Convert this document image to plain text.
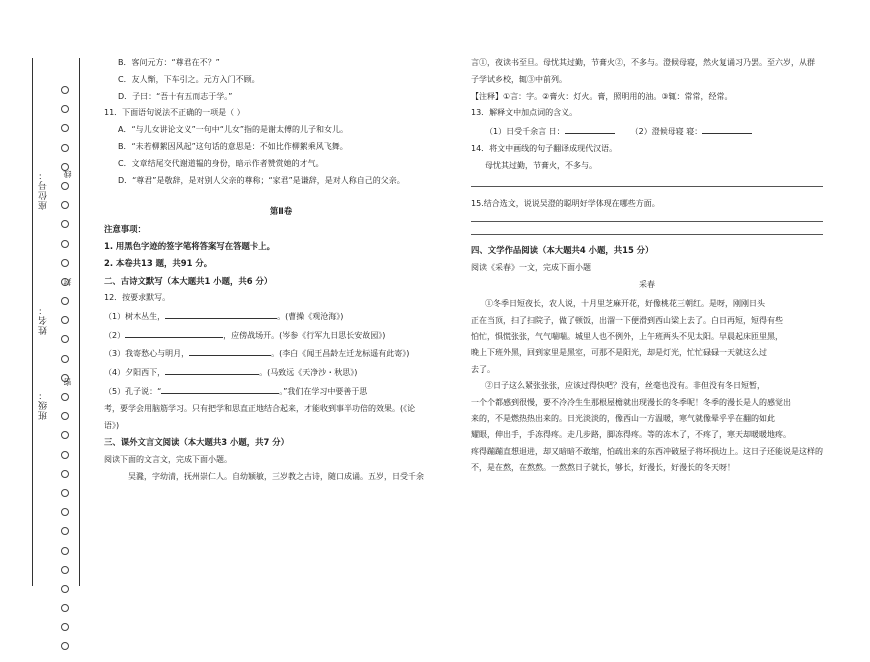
座位号：
姓名：
班级：
线
封
密
B．客问元方：“尊君在不？”
C．友人惭，下车引之。元方入门不顾。
D．子曰：“吾十有五而志于学。”
11．下面语句说法不正确的一项是（ ）
A．“与儿女讲论文义”一句中“儿女”指的是谢太傅的儿子和女儿。
B．“未若柳絮因风起”这句话的意思是：不如比作柳絮乘风飞舞。
C．文章结尾交代谢道韫的身份，暗示作者赞赏她的才气。
D．“尊君”是敬辞，是对别人父亲的尊称；“家君”是谦辞，是对人称自己的父亲。
第Ⅱ卷
注意事项：
1. 用黑色字迹的签字笔将答案写在答题卡上。
2. 本卷共13 题，共91 分。
二、古诗文默写（本大题共1 小题，共6 分）
12．按要求默写。
（1）树木丛生，	。(曹操《观沧海》)
（2）	，应傍战场开。(岑参《行军九日思长安故园》)
（3）我寄愁心与明月，	。(李白《闻王昌龄左迁龙标遥有此寄》)
（4）夕阳西下，	。(马致远《天净沙・秋思》)
（5）孔子说：“	。”我们在学习中要善于思
考，要学会用脑筋学习。只有把学和思直正地结合起来，才能收到事半功倍的效果。(《论
语》)
三、课外文言文阅读（本大题共3 小题，共7 分）
阅读下面的文言文，完成下面小题。
吴漋，字幼清，抚州崇仁人。自幼颖敏，三岁教之古诗，随口成诵。五岁，日受千余
言①，夜读书至旦。母忧其过勤，节膏火②，不多与。澄候母寝，然火复诵习乃罢。至六岁，从群
子学试乡校，辄③中前列。
【注释】①言：字。②膏火：灯火。膏，照明用的油。③辄：常常，经常。
13．解释文中加点词的含义。
（1）日受千余言 日：	（2）澄候母寝 寝：
14．将文中画线的句子翻译成现代汉语。
母忧其过勤，节膏火，不多与。
15.结合选文，说说吴澄的聪明好学体现在哪些方面。
四、文学作品阅读（本大题共4 小题，共15 分）
阅读《采春》一文，完成下面小题
采春
①冬季日短夜长，农人说，十月里芝麻开花，好像桃花三朝红。是呀，刚刚日头
正在当顶，扫了扫院子，做了顿饭，出溜一下便滑到西山梁上去了。白日再短，短得有些
怕忙，惧慌张张，气气喘喘。城里人也不例外，上午班两头不见太阳。早晨起床匝里黑，
晚上下班外黑，回到家里是黑室，可那不是阳光，却是灯光，忙忙碌碌一天就这么过
去了。
②日子这么紧张张张，应该过得快吧？没有，丝毫也没有。非但没有冬日短暂，
一个个都感到很慢，要不冷冷生生那根屋檐就出现漫长的冬季呢！冬季的漫长是人的感觉出
来的，不是燃热热出来的。日光淡淡的，像西山一方温暖，寒气就像晕乎乎在翻的如此
耀眼，伸出手，手冻得疼。走几步路，脚冻得疼。等的冻木了，不疼了，寒天却暖暖地疼。
疼得蹦蹦直想退进，却又暗暗不敢缩，怕疏出来的东西冲破屋子将坏损边上。这日子还能说是这样的
不，是在熬，在熬熬。一熬熬日子就长，够长，好漫长，好漫长的冬天呀！
